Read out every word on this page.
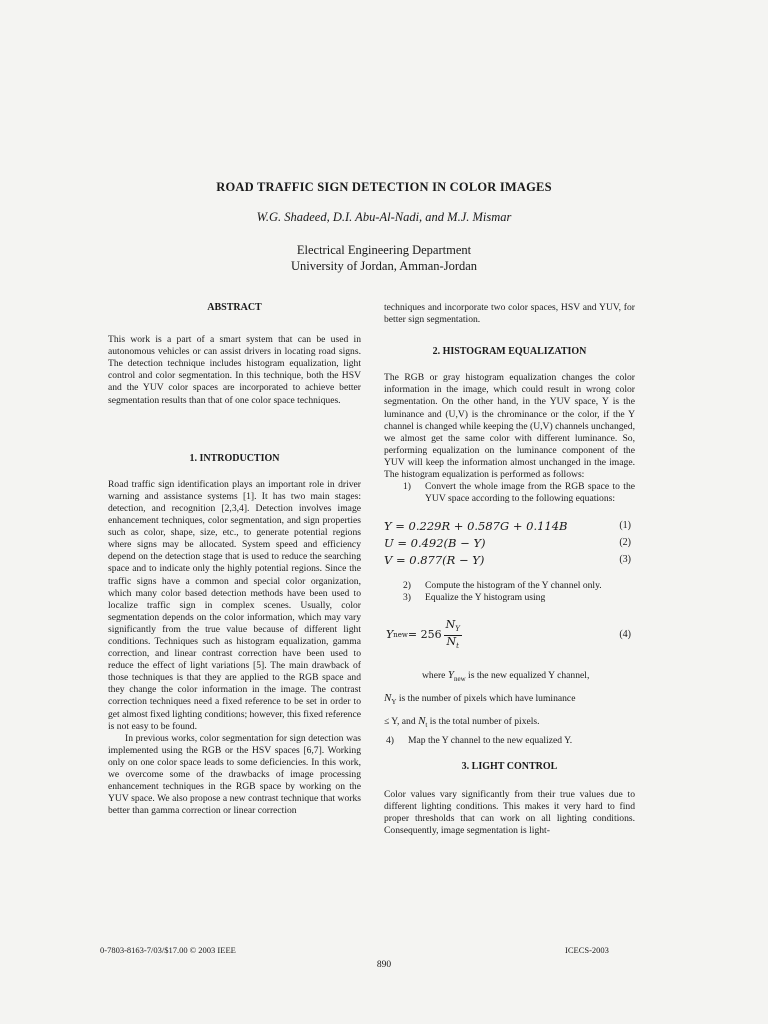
ROAD TRAFFIC SIGN DETECTION IN COLOR IMAGES
W.G. Shadeed, D.I. Abu-Al-Nadi, and M.J. Mismar
Electrical Engineering Department
University of Jordan, Amman-Jordan
ABSTRACT

This work is a part of a smart system that can be used in autonomous vehicles or can assist drivers in locating road signs. The detection technique includes histogram equalization, light control and color segmentation. In this technique, both the HSV and the YUV color spaces are incorporated to achieve better segmentation results than that of one color space techniques.

1. INTRODUCTION

Road traffic sign identification plays an important role in driver warning and assistance systems [1]. It has two main stages: detection, and recognition [2,3,4]. Detection involves image enhancement techniques, color segmentation, and sign properties such as color, shape, size, etc., to generate potential regions where signs may be allocated. System speed and efficiency depend on the detection stage that is used to reduce the searching space and to indicate only the highly potential regions. Since the traffic signs have a common and special color organization, which many color based detection methods have been used to localize traffic sign in complex scenes. Usually, color segmentation depends on the color information, which may vary significantly from the true value because of different light conditions. Techniques such as histogram equalization, gamma correction, and linear contrast correction have been used to reduce the effect of light variations [5]. The main drawback of those techniques is that they are applied to the RGB space and they change the color information in the image. The contrast correction techniques need a fixed reference to be set in order to get almost fixed lighting conditions; however, this fixed reference is not easy to be found.

In previous works, color segmentation for sign detection was implemented using the RGB or the HSV spaces [6,7]. Working only on one color space leads to some deficiencies. In this work, we overcome some of the drawbacks of image processing enhancement techniques in the RGB space by working on the YUV space. We also propose a new contrast technique that works better than gamma correction or linear correction

techniques and incorporate two color spaces, HSV and YUV, for better sign segmentation.

2. HISTOGRAM EQUALIZATION

The RGB or gray histogram equalization changes the color information in the image, which could result in wrong color segmentation. On the other hand, in the YUV space, Y is the luminance and (U,V) is the chrominance or the color, if the Y channel is changed while keeping the (U,V) channels unchanged, we almost get the same color with different luminance. So, performing equalization on the luminance component of the YUV will keep the information almost unchanged in the image. The histogram equalization is performed as follows:

1)	Convert the whole image from the RGB space to the YUV space according to the following equations:
Y = 0.229R + 0.587G + 0.114B	(1)
U = 0.492(B − Y)	(2)
V = 0.877(R − Y)	(3)
2)	Compute the histogram of the Y channel only.
3)	Equalize the Y histogram using
Y new = $256 \frac{N_Y}{N_t}$	(4)
where $Y_{new}$ is the new equalized Y channel,
$N_Y$ is the number of pixels which have luminance
≤ Y, and $N_t$ is the total number of pixels.
4)	Map the Y channel to the new equalized Y.
3. LIGHT CONTROL

Color values vary significantly from their true values due to different lighting conditions. This makes it very hard to find proper thresholds that can work on all lighting conditions. Consequently, image segmentation is light-

0-7803-8163-7/03/$17.00 © 2003 IEEE	ICECS-2003
890
